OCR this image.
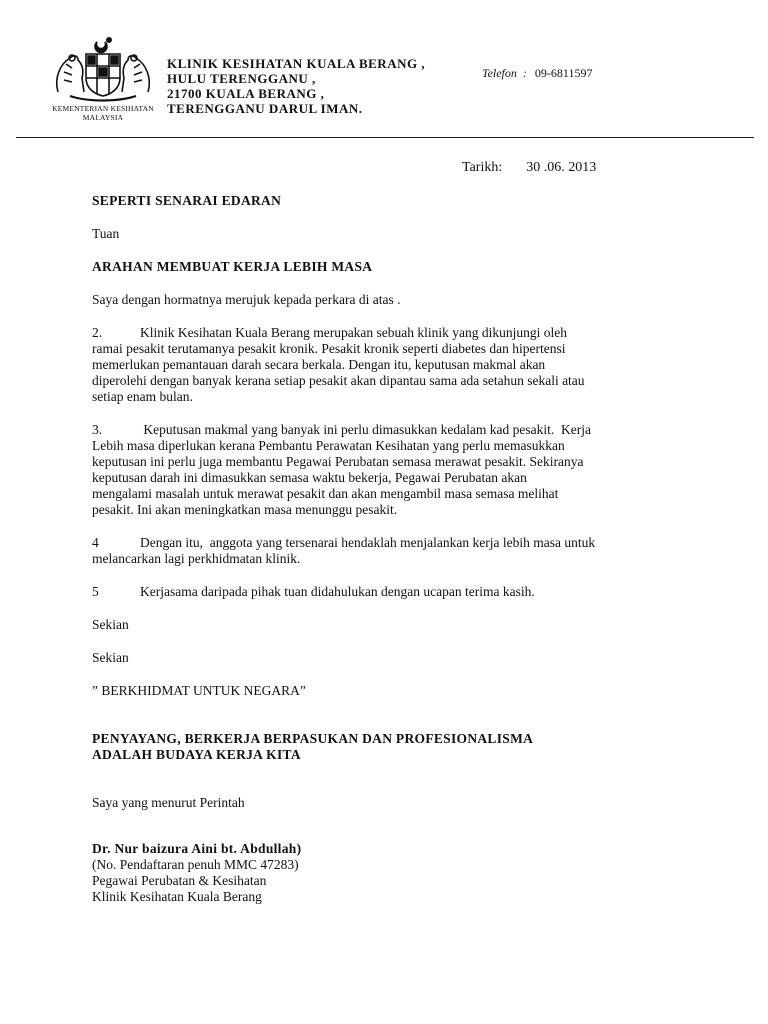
KEMENTERIAN KESIHATAN
MALAYSIA
KLINIK KESIHATAN KUALA BERANG ,
HULU TERENGGANU ,
21700 KUALA BERANG ,
TERENGGANU DARUL IMAN.
Telefon : 09-6811597
Tarikh: 30 .06. 2013

SEPERTI SENARAI EDARAN

Tuan

ARAHAN MEMBUAT KERJA LEBIH MASA

Saya dengan hormatnya merujuk kepada perkara di atas .

2.	Klinik Kesihatan Kuala Berang merupakan sebuah klinik yang dikunjungi oleh
ramai pesakit terutamanya pesakit kronik. Pesakit kronik seperti diabetes dan hipertensi
memerlukan pemantauan darah secara berkala. Dengan itu, keputusan makmal akan
diperolehi dengan banyak kerana setiap pesakit akan dipantau sama ada setahun sekali atau
setiap enam bulan.

3.	Keputusan makmal yang banyak ini perlu dimasukkan kedalam kad pesakit.  Kerja
Lebih masa diperlukan kerana Pembantu Perawatan Kesihatan yang perlu memasukkan
keputusan ini perlu juga membantu Pegawai Perubatan semasa merawat pesakit. Sekiranya
keputusan darah ini dimasukkan semasa waktu bekerja, Pegawai Perubatan akan
mengalami masalah untuk merawat pesakit dan akan mengambil masa semasa melihat
pesakit. Ini akan meningkatkan masa menunggu pesakit.

4	Dengan itu,  anggota yang tersenarai hendaklah menjalankan kerja lebih masa untuk
melancarkan lagi perkhidmatan klinik.

5	Kerjasama daripada pihak tuan didahulukan dengan ucapan terima kasih.

Sekian

Sekian

” BERKHIDMAT UNTUK NEGARA”

PENYAYANG, BERKERJA BERPASUKAN DAN PROFESIONALISMA
ADALAH BUDAYA KERJA KITA

Saya yang menurut Perintah

Dr. Nur baizura Aini bt. Abdullah)
(No. Pendaftaran penuh MMC 47283)
Pegawai Perubatan & Kesihatan
Klinik Kesihatan Kuala Berang
